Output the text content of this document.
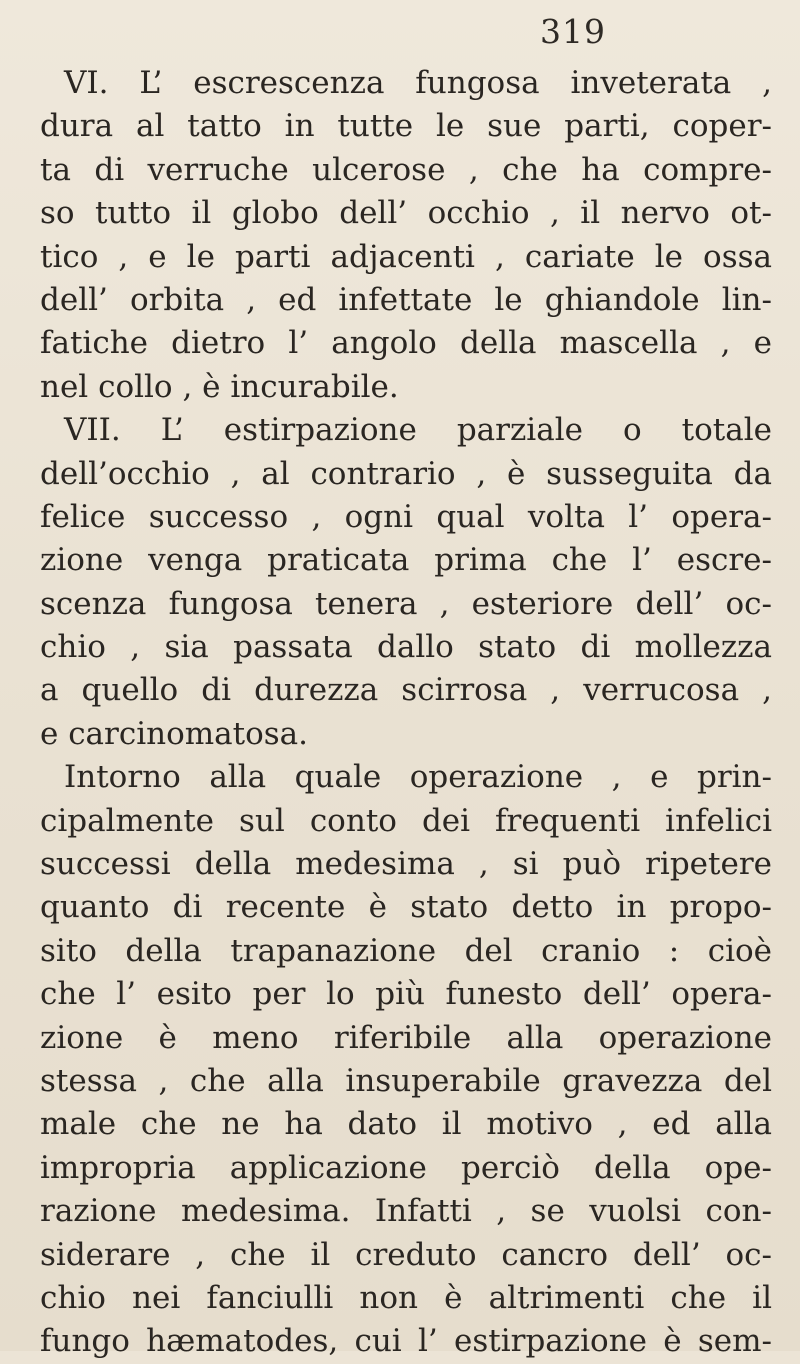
319
VI. L’ escrescenza fungosa inveterata ,
dura al tatto in tutte le sue parti, coper-
ta di verruche ulcerose , che ha compre-
so tutto il globo dell’ occhio , il nervo ot-
tico , e le parti adjacenti , cariate le ossa
dell’ orbita , ed infettate le ghiandole lin-
fatiche dietro l’ angolo della mascella , e
nel collo , è incurabile.
VII. L’ estirpazione parziale o totale
dell’occhio , al contrario , è susseguita da
felice successo , ogni qual volta l’ opera-
zione venga praticata prima che l’ escre-
scenza fungosa tenera , esteriore dell’ oc-
chio , sia passata dallo stato di mollezza
a quello di durezza scirrosa , verrucosa ,
e carcinomatosa.
Intorno alla quale operazione , e prin-
cipalmente sul conto dei frequenti infelici
successi della medesima , si può ripetere
quanto di recente è stato detto in propo-
sito della trapanazione del cranio : cioè
che l’ esito per lo più funesto dell’ opera-
zione è meno riferibile alla operazione
stessa , che alla insuperabile gravezza del
male che ne ha dato il motivo , ed alla
impropria applicazione perciò della ope-
razione medesima. Infatti , se vuolsi con-
siderare , che il creduto cancro dell’ oc-
chio nei fanciulli non è altrimenti che il
fungo hæmatodes, cui l’ estirpazione è sem-
